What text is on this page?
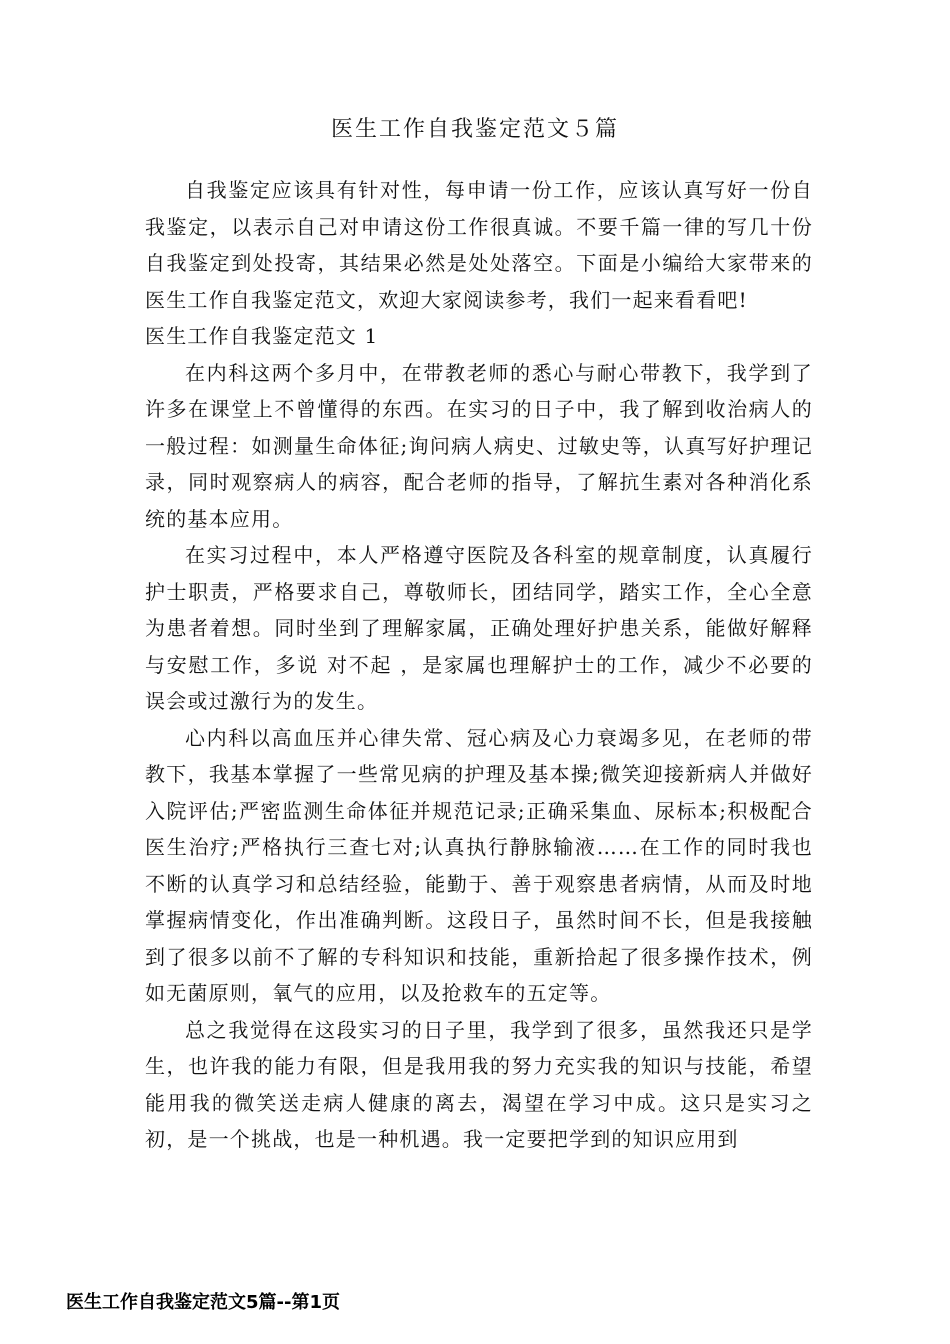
医生工作自我鉴定范文５篇

自我鉴定应该具有针对性，每申请一份工作，应该认真写好一份自我鉴定，以表示自己对申请这份工作很真诚。不要千篇一律的写几十份自我鉴定到处投寄，其结果必然是处处落空。下面是小编给大家带来的医生工作自我鉴定范文，欢迎大家阅读参考，我们一起来看看吧!

医生工作自我鉴定范文 1

在内科这两个多月中，在带教老师的悉心与耐心带教下，我学到了许多在课堂上不曾懂得的东西。在实习的日子中，我了解到收治病人的一般过程：如测量生命体征;询问病人病史、过敏史等，认真写好护理记录，同时观察病人的病容，配合老师的指导，了解抗生素对各种消化系统的基本应用。

在实习过程中，本人严格遵守医院及各科室的规章制度，认真履行护士职责，严格要求自己，尊敬师长，团结同学，踏实工作，全心全意为患者着想。同时坐到了理解家属，正确处理好护患关系，能做好解释与安慰工作，多说 对不起 ，是家属也理解护士的工作，减少不必要的误会或过激行为的发生。

心内科以高血压并心律失常、冠心病及心力衰竭多见，在老师的带教下，我基本掌握了一些常见病的护理及基本操;微笑迎接新病人并做好入院评估;严密监测生命体征并规范记录;正确采集血、尿标本;积极配合医生治疗;严格执行三查七对;认真执行静脉输液……在工作的同时我也不断的认真学习和总结经验，能勤于、善于观察患者病情，从而及时地掌握病情变化，作出准确判断。这段日子，虽然时间不长，但是我接触到了很多以前不了解的专科知识和技能，重新拾起了很多操作技术，例如无菌原则，氧气的应用，以及抢救车的五定等。

总之我觉得在这段实习的日子里，我学到了很多，虽然我还只是学生，也许我的能力有限，但是我用我的努力充实我的知识与技能，希望能用我的微笑送走病人健康的离去，渴望在学习中成。这只是实习之初，是一个挑战，也是一种机遇。我一定要把学到的知识应用到

医生工作自我鉴定范文5篇--第1页
